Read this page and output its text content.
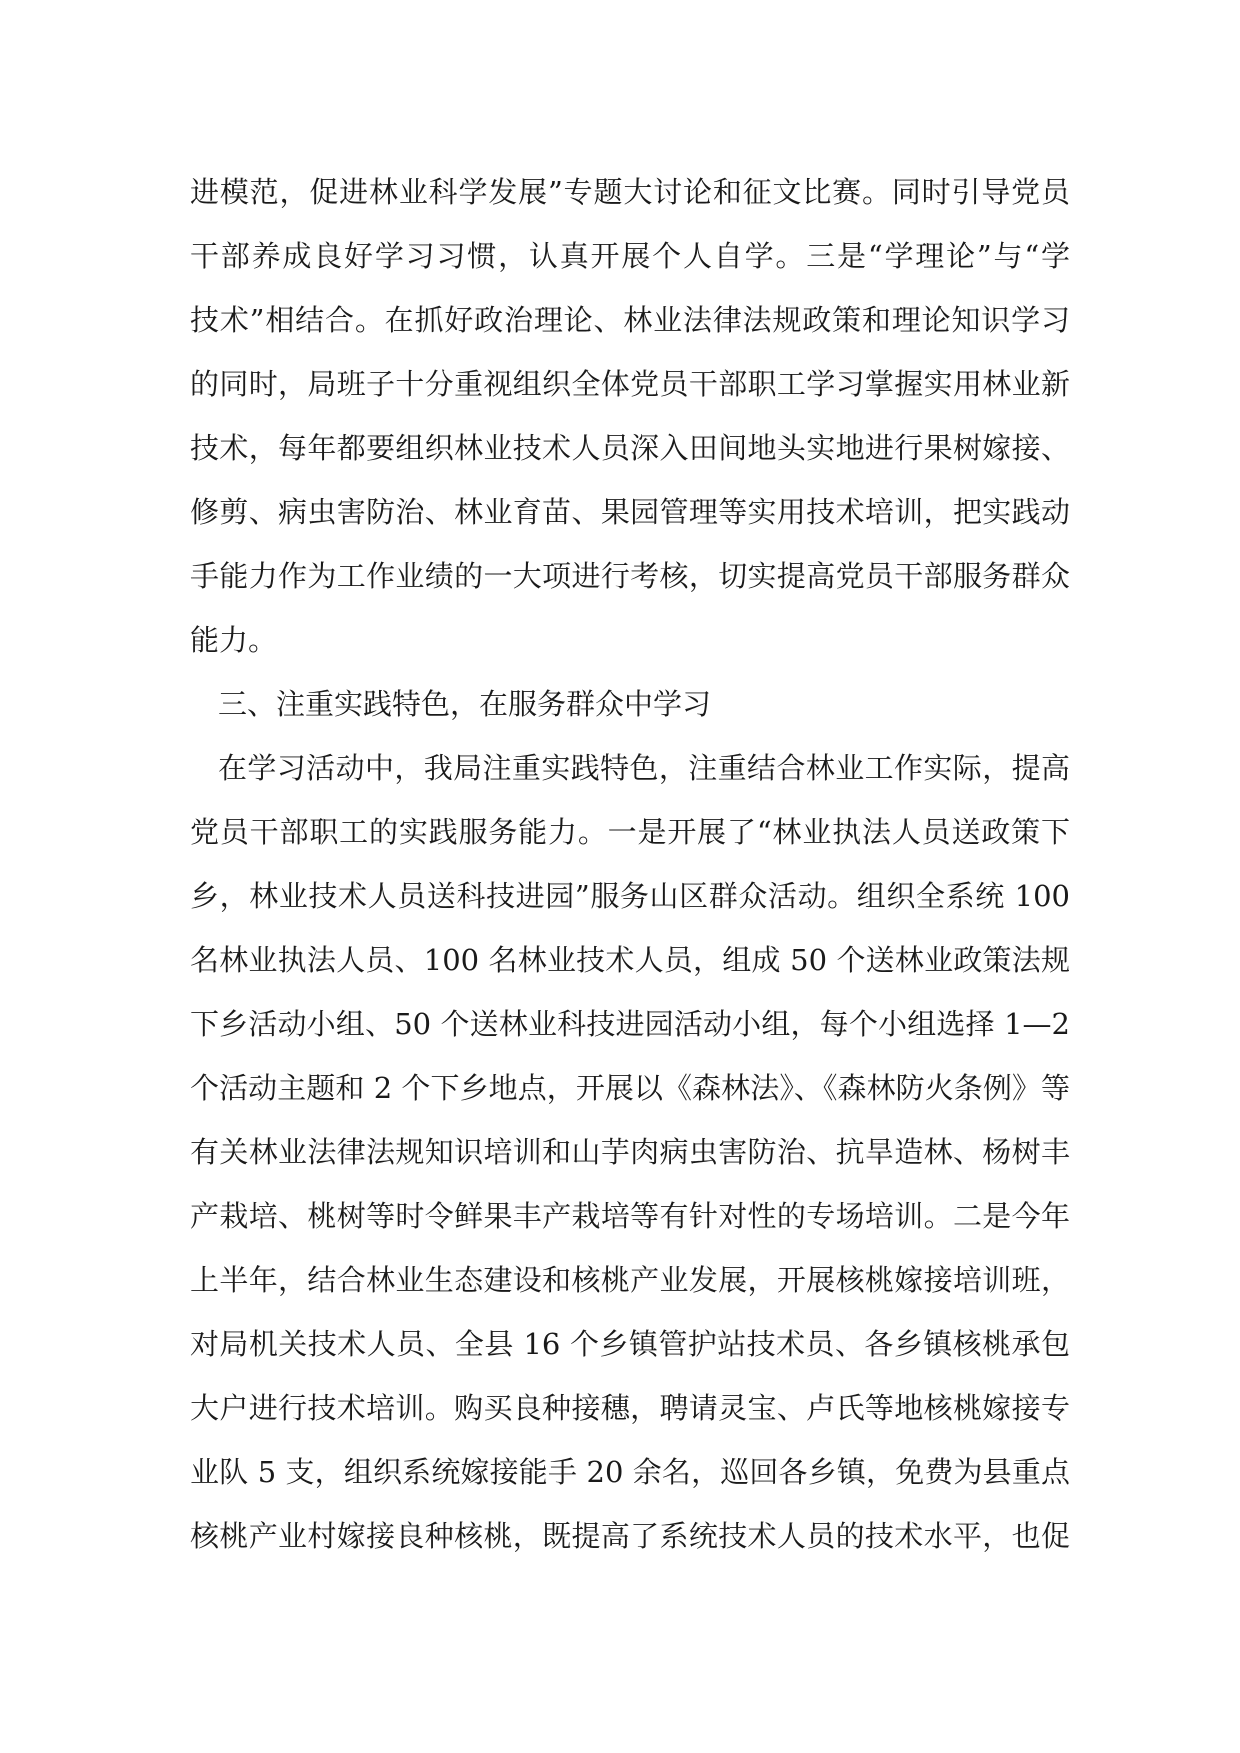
进模范，促进林业科学发展”专题大讨论和征文比赛。同时引导党员
干部养成良好学习习惯，认真开展个人自学。三是“学理论”与“学
技术”相结合。在抓好政治理论、林业法律法规政策和理论知识学习
的同时，局班子十分重视组织全体党员干部职工学习掌握实用林业新
技术，每年都要组织林业技术人员深入田间地头实地进行果树嫁接、
修剪、病虫害防治、林业育苗、果园管理等实用技术培训，把实践动
手能力作为工作业绩的一大项进行考核，切实提高党员干部服务群众
能力。
三、注重实践特色，在服务群众中学习
在学习活动中，我局注重实践特色，注重结合林业工作实际，提高
党员干部职工的实践服务能力。一是开展了“林业执法人员送政策下
乡，林业技术人员送科技进园”服务山区群众活动。组织全系统 100
名林业执法人员、100 名林业技术人员，组成 50 个送林业政策法规
下乡活动小组、50 个送林业科技进园活动小组，每个小组选择 1—2
个活动主题和 2 个下乡地点，开展以《森林法》、《森林防火条例》等
有关林业法律法规知识培训和山芋肉病虫害防治、抗旱造林、杨树丰
产栽培、桃树等时令鲜果丰产栽培等有针对性的专场培训。二是今年
上半年，结合林业生态建设和核桃产业发展，开展核桃嫁接培训班，
对局机关技术人员、全县 16 个乡镇管护站技术员、各乡镇核桃承包
大户进行技术培训。购买良种接穗，聘请灵宝、卢氏等地核桃嫁接专
业队 5 支，组织系统嫁接能手 20 余名，巡回各乡镇，免费为县重点
核桃产业村嫁接良种核桃，既提高了系统技术人员的技术水平，也促
